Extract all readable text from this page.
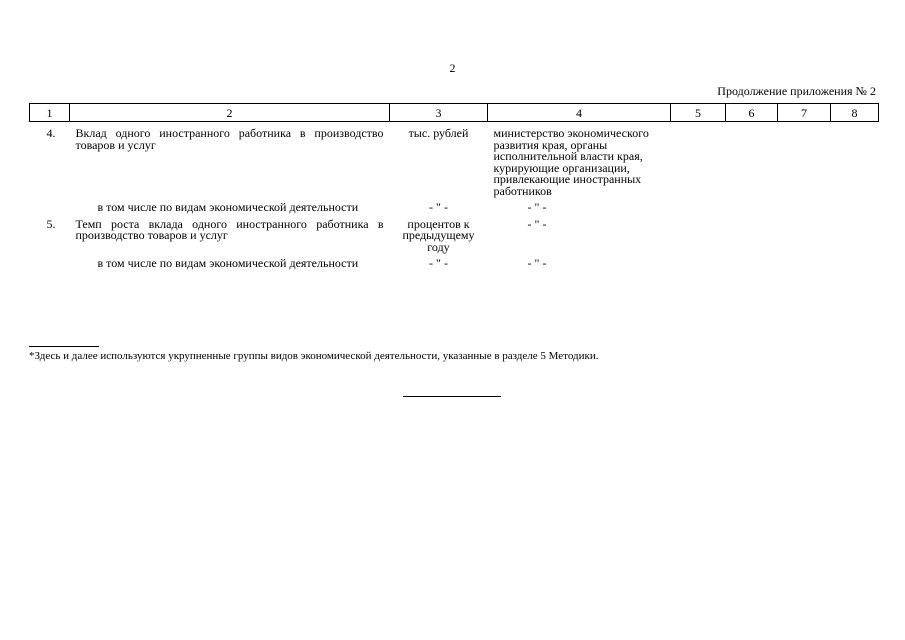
2
Продолжение приложения № 2
1	2	3	4	5	6	7	8
4.	Вклад одного иностранного работника в производство товаров и услуг	тыс. рублей	министерство экономического развития края, органы исполнительной власти края, курирующие организации, привлекающие иностранных работников				
	в том числе по видам экономической деятельности	- " -	- " -				
5.	Темп роста вклада одного иностранного работника в производство товаров и услуг	процентов к предыдущему году	- " -				
	в том числе по видам экономической деятельности	- " -	- " -				
*Здесь и далее используются укрупненные группы видов экономической деятельности, указанные в разделе 5 Методики.
